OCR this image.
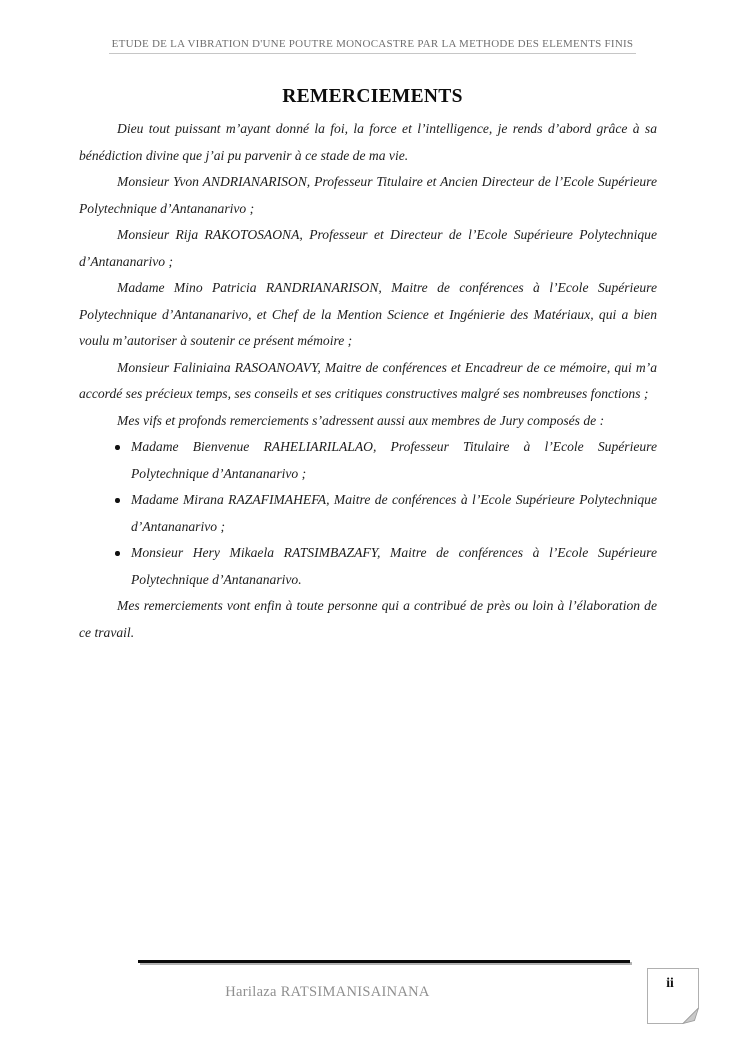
ETUDE DE LA VIBRATION D'UNE POUTRE MONOCASTRE PAR LA METHODE DES ELEMENTS FINIS
REMERCIEMENTS

Dieu tout puissant m’ayant donné la foi, la force et l’intelligence, je rends d’abord grâce à sa bénédiction divine que j’ai pu parvenir à ce stade de ma vie.

Monsieur Yvon ANDRIANARISON, Professeur Titulaire et Ancien Directeur de l’Ecole Supérieure Polytechnique d’Antananarivo ;

Monsieur Rija RAKOTOSAONA, Professeur et Directeur de l’Ecole Supérieure Polytechnique d’Antananarivo ;

Madame Mino Patricia RANDRIANARISON, Maitre de conférences à l’Ecole Supérieure Polytechnique d’Antananarivo, et Chef de la Mention Science et Ingénierie des Matériaux, qui a bien voulu m’autoriser à soutenir ce présent mémoire ;

Monsieur Faliniaina RASOANOAVY, Maitre de conférences et Encadreur de ce mémoire, qui m’a accordé ses précieux temps, ses conseils et ses critiques constructives malgré ses nombreuses fonctions ;

Mes vifs et profonds remerciements s’adressent aussi aux membres de Jury composés de :

Madame Bienvenue RAHELIARILALAO, Professeur Titulaire à l’Ecole Supérieure Polytechnique d’Antananarivo ;
Madame Mirana RAZAFIMAHEFA, Maitre de conférences à l’Ecole Supérieure Polytechnique d’Antananarivo ;
Monsieur Hery Mikaela RATSIMBAZAFY, Maitre de conférences à l’Ecole Supérieure Polytechnique d’Antananarivo.

Mes remerciements vont enfin à toute personne qui a contribué de près ou loin à l’élaboration de ce travail.

Harilaza RATSIMANISAINANA
ii
